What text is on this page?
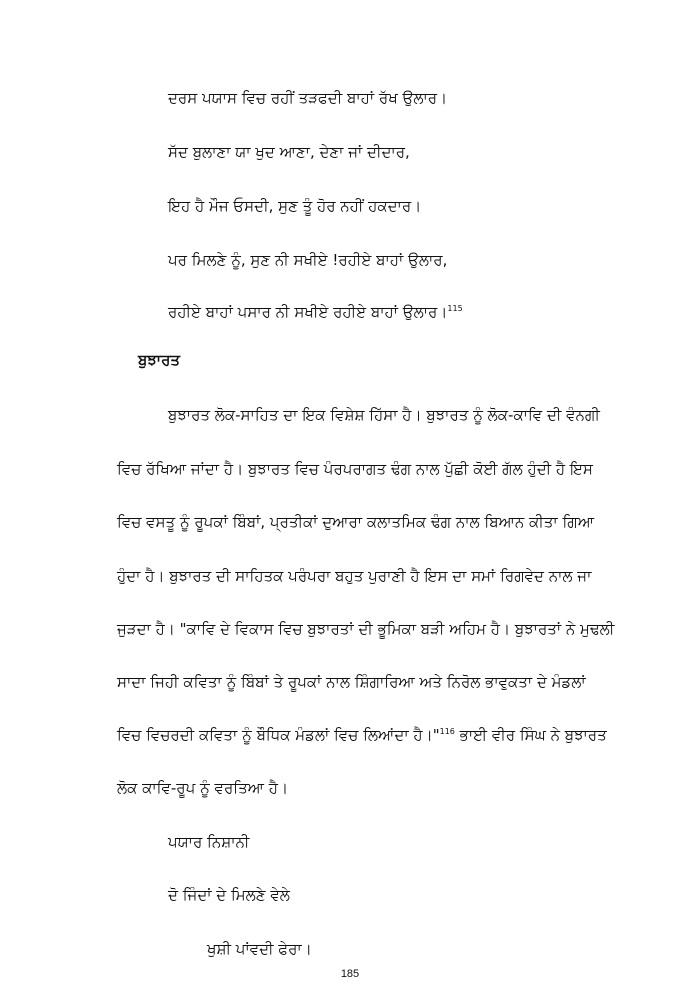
ਦਰਸ ਪਯਾਸ ਵਿਚ ਰਹੀਂ ਤੜਫਦੀ ਬਾਹਾਂ ਰੱਖ ਉਲਾਰ।
ਸੱਦ ਬੁਲਾਣਾ ਯਾ ਖੁਦ ਆਣਾ, ਦੇਣਾ ਜਾਂ ਦੀਦਾਰ,
ਇਹ ਹੈ ਮੌਜ ਓਸਦੀ, ਸੁਣ ਤੂੰ ਹੋਰ ਨਹੀਂ ਹਕਦਾਰ।
ਪਰ ਮਿਲਣੇ ਨੂੰ, ਸੁਣ ਨੀ ਸਖੀਏ !ਰਹੀਏ ਬਾਹਾਂ ਉਲਾਰ,
ਰਹੀਏ ਬਾਹਾਂ ਪਸਾਰ ਨੀ ਸਖੀਏ ਰਹੀਏ ਬਾਹਾਂ ਉਲਾਰ।$^{115}$
ਬੁਝਾਰਤ
ਬੁਝਾਰਤ ਲੋਕ-ਸਾਹਿਤ ਦਾ ਇਕ ਵਿਸ਼ੇਸ਼ ਹਿੱਸਾ ਹੈ। ਬੁਝਾਰਤ ਨੂੰ ਲੋਕ-ਕਾਵਿ ਦੀ ਵੰਨਗੀ
ਵਿਚ ਰੱਖਿਆ ਜਾਂਦਾ ਹੈ। ਬੁਝਾਰਤ ਵਿਚ ਪੰਰਪਰਾਗਤ ਢੰਗ ਨਾਲ ਪੁੱਛੀ ਕੋਈ ਗੱਲ ਹੁੰਦੀ ਹੈ ਇਸ
ਵਿਚ ਵਸਤੂ ਨੂੰ ਰੂਪਕਾਂ ਬਿੰਬਾਂ, ਪ੍ਰਤੀਕਾਂ ਦੁਆਰਾ ਕਲਾਤਮਿਕ ਢੰਗ ਨਾਲ ਬਿਆਨ ਕੀਤਾ ਗਿਆ
ਹੁੰਦਾ ਹੈ। ਬੁਝਾਰਤ ਦੀ ਸਾਹਿਤਕ ਪਰੰਪਰਾ ਬਹੁਤ ਪੁਰਾਣੀ ਹੈ ਇਸ ਦਾ ਸਮਾਂ ਰਿਗਵੇਦ ਨਾਲ ਜਾ
ਜੁੜਦਾ ਹੈ। "ਕਾਵਿ ਦੇ ਵਿਕਾਸ ਵਿਚ ਬੁਝਾਰਤਾਂ ਦੀ ਭੂਮਿਕਾ ਬੜੀ ਅਹਿਮ ਹੈ। ਬੁਝਾਰਤਾਂ ਨੇ ਮੁਢਲੀ
ਸਾਦਾ ਜਿਹੀ ਕਵਿਤਾ ਨੂੰ ਬਿੰਬਾਂ ਤੇ ਰੂਪਕਾਂ ਨਾਲ ਸ਼ਿੰਗਾਰਿਆ ਅਤੇ ਨਿਰੋਲ ਭਾਵੁਕਤਾ ਦੇ ਮੰਡਲਾਂ
ਵਿਚ ਵਿਚਰਦੀ ਕਵਿਤਾ ਨੂੰ ਬੌਧਿਕ ਮੰਡਲਾਂ ਵਿਚ ਲਿਆਂਦਾ ਹੈ।"$^{116}$ ਭਾਈ ਵੀਰ ਸਿੰਘ ਨੇ ਬੁਝਾਰਤ
ਲੋਕ ਕਾਵਿ-ਰੂਪ ਨੂੰ ਵਰਤਿਆ ਹੈ।
ਪਯਾਰ ਨਿਸ਼ਾਨੀ
ਦੋ ਜਿੰਦਾਂ ਦੇ ਮਿਲਣੇ ਵੇਲੇ
ਖੁਸ਼ੀ ਪਾਂਵਦੀ ਫੇਰਾ।
185
